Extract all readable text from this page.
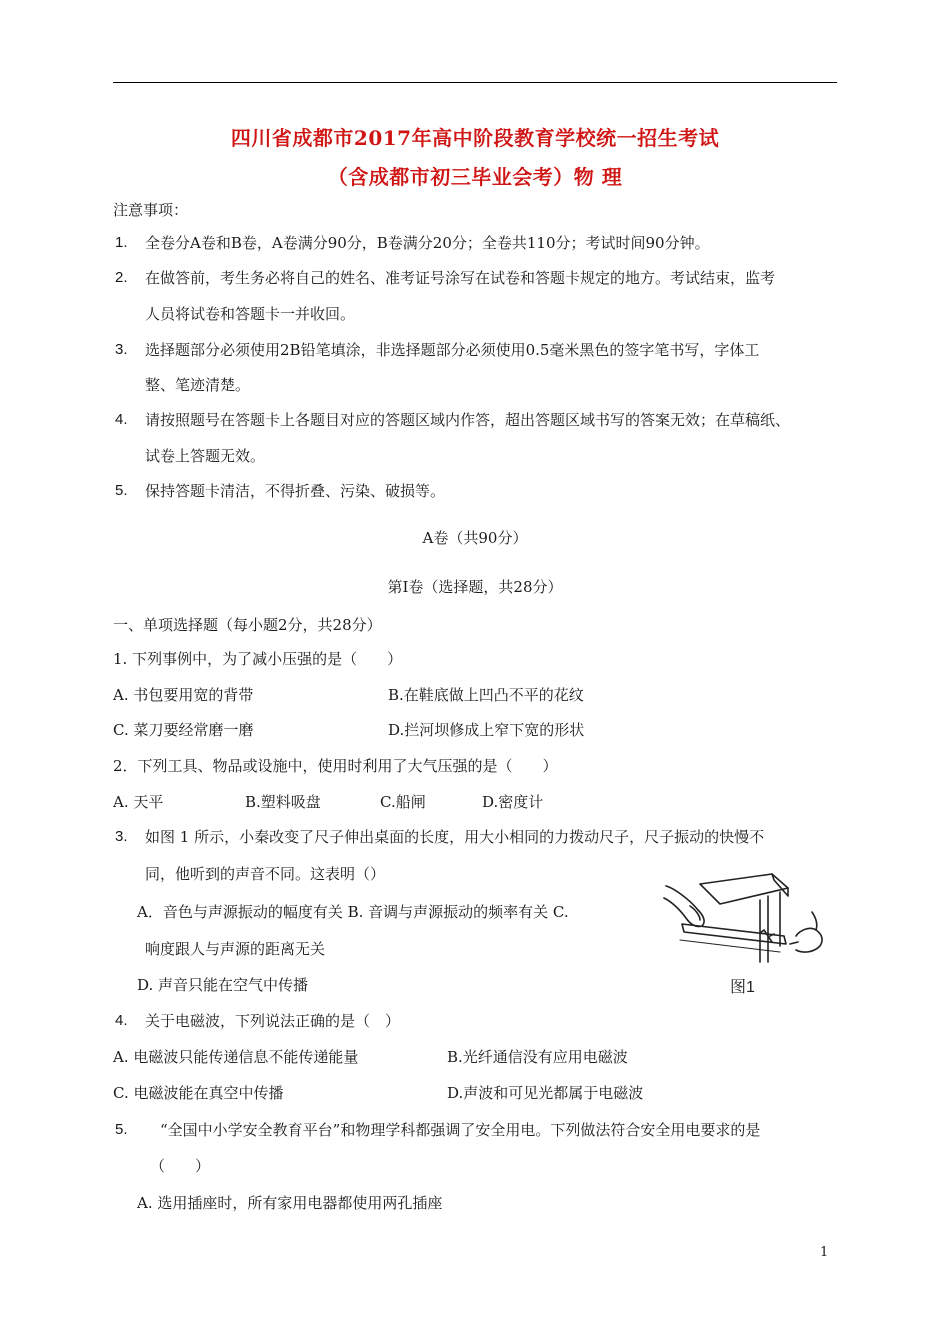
四川省成都市2017年高中阶段教育学校统一招生考试
（含成都市初三毕业会考）物 理
注意事项：
1. 全卷分A卷和B卷，A卷满分90分，B卷满分20分；全卷共110分；考试时间90分钟。
2. 在做答前，考生务必将自己的姓名、准考证号涂写在试卷和答题卡规定的地方。考试结束，监考
人员将试卷和答题卡一并收回。
3. 选择题部分必须使用2B铅笔填涂，非选择题部分必须使用0.5毫米黑色的签字笔书写，字体工
整、笔迹清楚。
4. 请按照题号在答题卡上各题目对应的答题区域内作答，超出答题区域书写的答案无效；在草稿纸、
试卷上答题无效。
5. 保持答题卡清洁，不得折叠、污染、破损等。
A卷（共90分）
第Ⅰ卷（选择题，共28分）
一、单项选择题（每小题2分，共28分）
1. 下列事例中，为了减小压强的是（　　）
A. 书包要用宽的背带	B.在鞋底做上凹凸不平的花纹
C. 菜刀要经常磨一磨	D.拦河坝修成上窄下宽的形状
2．下列工具、物品或设施中，使用时利用了大气压强的是（　　）
A. 天平	B.塑料吸盘	C.船闸	D.密度计
3. 如图 1 所示，小秦改变了尺子伸出桌面的长度，用大小相同的力拨动尺子，尺子振动的快慢不
同，他听到的声音不同。这表明（）
A．音色与声源振动的幅度有关 B. 音调与声源振动的频率有关 C.
响度跟人与声源的距离无关
D. 声音只能在空气中传播	图1
4. 关于电磁波，下列说法正确的是（　）
A. 电磁波只能传递信息不能传递能量	B.光纤通信没有应用电磁波
C. 电磁波能在真空中传播	D.声波和可见光都属于电磁波
5. “全国中小学安全教育平台”和物理学科都强调了安全用电。下列做法符合安全用电要求的是
（　　）
A. 选用插座时，所有家用电器都使用两孔插座
1
